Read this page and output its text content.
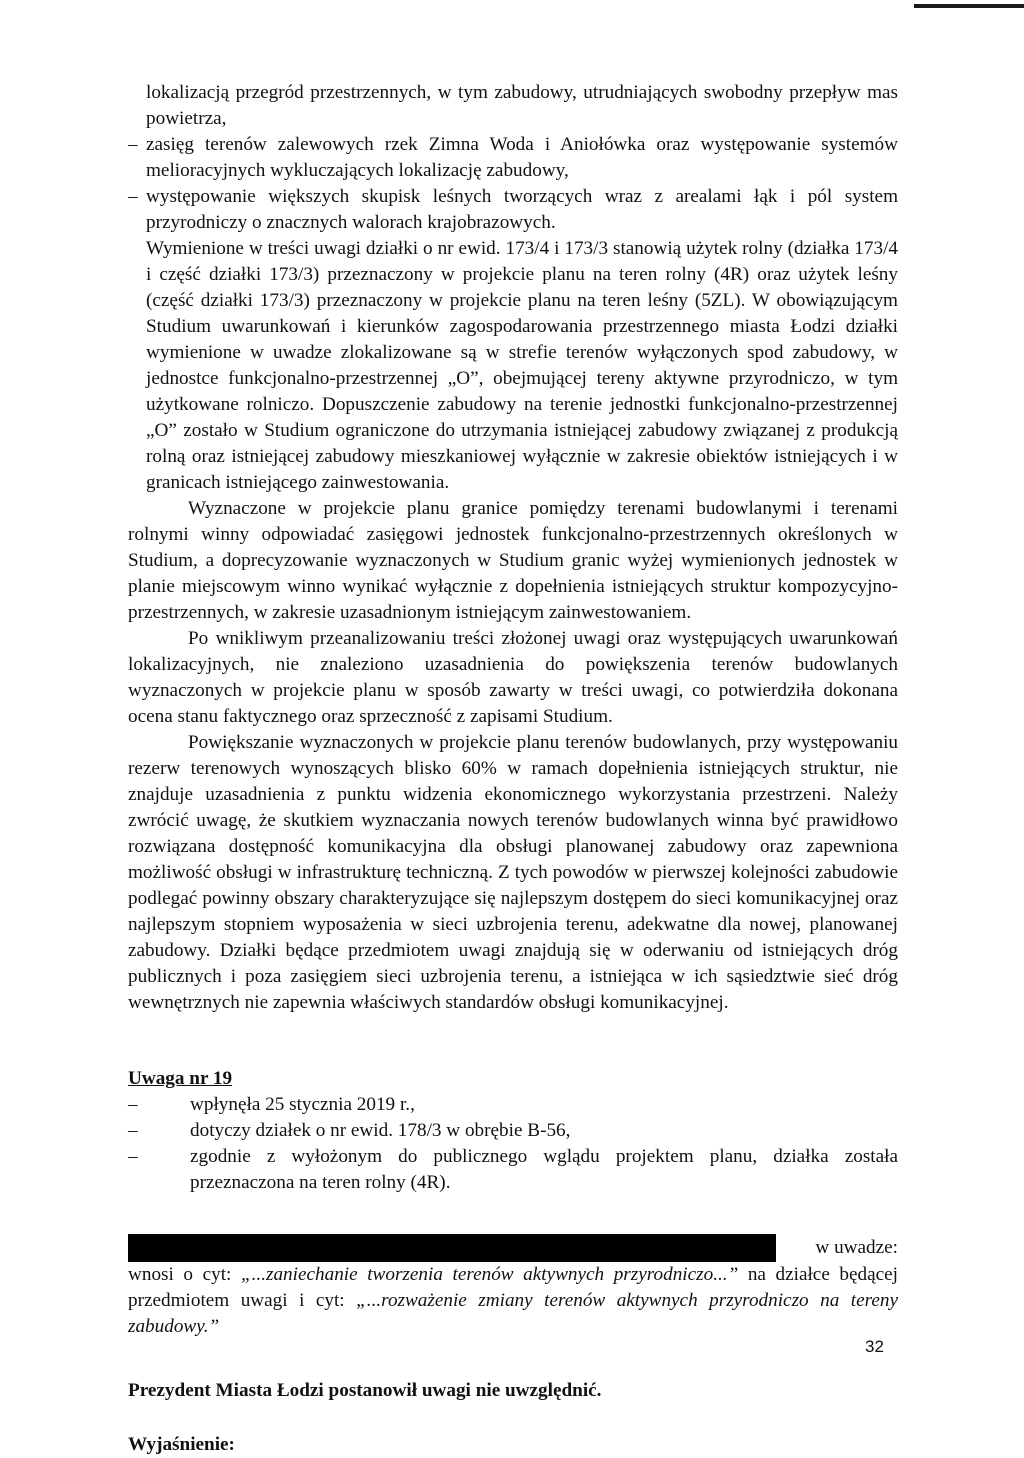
lokalizacją przegród przestrzennych, w tym zabudowy, utrudniających swobodny przepływ mas powietrza,

– zasięg terenów zalewowych rzek Zimna Woda i Aniołówka oraz występowanie systemów melioracyjnych wykluczających lokalizację zabudowy,
– występowanie większych skupisk leśnych tworzących wraz z arealami łąk i pól system przyrodniczy o znacznych walorach krajobrazowych.

Wymienione w treści uwagi działki o nr ewid. 173/4 i 173/3 stanowią użytek rolny (działka 173/4 i część działki 173/3) przeznaczony w projekcie planu na teren rolny (4R) oraz użytek leśny (część działki 173/3) przeznaczony w projekcie planu na teren leśny (5ZL). W obowiązującym Studium uwarunkowań i kierunków zagospodarowania przestrzennego miasta Łodzi działki wymienione w uwadze zlokalizowane są w strefie terenów wyłączonych spod zabudowy, w jednostce funkcjonalno-przestrzennej „O”, obejmującej tereny aktywne przyrodniczo, w tym użytkowane rolniczo. Dopuszczenie zabudowy na terenie jednostki funkcjonalno-przestrzennej „O” zostało w Studium ograniczone do utrzymania istniejącej zabudowy związanej z produkcją rolną oraz istniejącej zabudowy mieszkaniowej wyłącznie w zakresie obiektów istniejących i w granicach istniejącego zainwestowania.

Wyznaczone w projekcie planu granice pomiędzy terenami budowlanymi i terenami rolnymi winny odpowiadać zasięgowi jednostek funkcjonalno-przestrzennych określonych w Studium, a doprecyzowanie wyznaczonych w Studium granic wyżej wymienionych jednostek w planie miejscowym winno wynikać wyłącznie z dopełnienia istniejących struktur kompozycyjno-przestrzennych, w zakresie uzasadnionym istniejącym zainwestowaniem.

Po wnikliwym przeanalizowaniu treści złożonej uwagi oraz występujących uwarunkowań lokalizacyjnych, nie znaleziono uzasadnienia do powiększenia terenów budowlanych wyznaczonych w projekcie planu w sposób zawarty w treści uwagi, co potwierdziła dokonana ocena stanu faktycznego oraz sprzeczność z zapisami Studium.

Powiększanie wyznaczonych w projekcie planu terenów budowlanych, przy występowaniu rezerw terenowych wynoszących blisko 60% w ramach dopełnienia istniejących struktur, nie znajduje uzasadnienia z punktu widzenia ekonomicznego wykorzystania przestrzeni. Należy zwrócić uwagę, że skutkiem wyznaczania nowych terenów budowlanych winna być prawidłowo rozwiązana dostępność komunikacyjna dla obsługi planowanej zabudowy oraz zapewniona możliwość obsługi w infrastrukturę techniczną. Z tych powodów w pierwszej kolejności zabudowie podlegać powinny obszary charakteryzujące się najlepszym dostępem do sieci komunikacyjnej oraz najlepszym stopniem wyposażenia w sieci uzbrojenia terenu, adekwatne dla nowej, planowanej zabudowy. Działki będące przedmiotem uwagi znajdują się w oderwaniu od istniejących dróg publicznych i poza zasięgiem sieci uzbrojenia terenu, a istniejąca w ich sąsiedztwie sieć dróg wewnętrznych nie zapewnia właściwych standardów obsługi komunikacyjnej.

Uwaga nr 19
– wpłynęła 25 stycznia 2019 r.,
– dotyczy działek o nr ewid. 178/3 w obrębie B-56,
– zgodnie z wyłożonym do publicznego wglądu projektem planu, działka została przeznaczona na teren rolny (4R).
w uwadze:

wnosi o cyt: „...zaniechanie tworzenia terenów aktywnych przyrodniczo...” na działce będącej przedmiotem uwagi i cyt: „...rozważenie zmiany terenów aktywnych przyrodniczo na tereny zabudowy.”

Prezydent Miasta Łodzi postanowił uwagi nie uwzględnić.

Wyjaśnienie:

32
